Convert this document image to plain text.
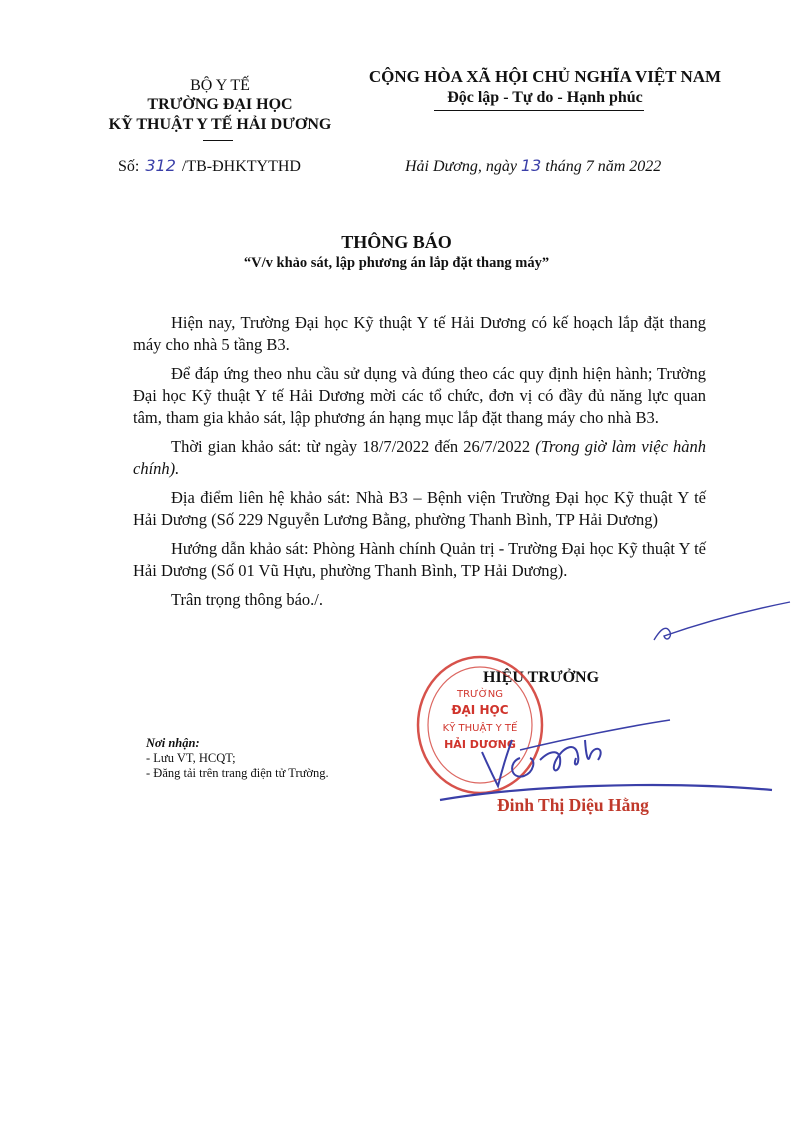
BỘ Y TẾ
TRƯỜNG ĐẠI HỌC
KỸ THUẬT Y TẾ HẢI DƯƠNG
Số: 312 /TB-ĐHKTYTHD
CỘNG HÒA XÃ HỘI CHỦ NGHĨA VIỆT NAM
Độc lập - Tự do - Hạnh phúc
Hải Dương, ngày 13 tháng 7 năm 2022
THÔNG BÁO
“V/v khảo sát, lập phương án lắp đặt thang máy”

Hiện nay, Trường Đại học Kỹ thuật Y tế Hải Dương có kế hoạch lắp đặt thang máy cho nhà 5 tầng B3.

Để đáp ứng theo nhu cầu sử dụng và đúng theo các quy định hiện hành; Trường Đại học Kỹ thuật Y tế Hải Dương mời các tổ chức, đơn vị có đầy đủ năng lực quan tâm, tham gia khảo sát, lập phương án hạng mục lắp đặt thang máy cho nhà B3.

Thời gian khảo sát: từ ngày 18/7/2022 đến 26/7/2022 (Trong giờ làm việc hành chính).

Địa điểm liên hệ khảo sát: Nhà B3 – Bệnh viện Trường Đại học Kỹ thuật Y tế Hải Dương (Số 229 Nguyễn Lương Bằng, phường Thanh Bình, TP Hải Dương)

Hướng dẫn khảo sát: Phòng Hành chính Quản trị - Trường Đại học Kỹ thuật Y tế Hải Dương (Số 01 Vũ Hựu, phường Thanh Bình, TP Hải Dương).

Trân trọng thông báo./.

HIỆU TRƯỞNG
TRƯỜNG
ĐẠI HỌC
KỸ THUẬT Y TẾ
HẢI DƯƠNG
Đinh Thị Diệu Hằng
Nơi nhận:
- Lưu VT, HCQT;
- Đăng tải trên trang điện tử Trường.
